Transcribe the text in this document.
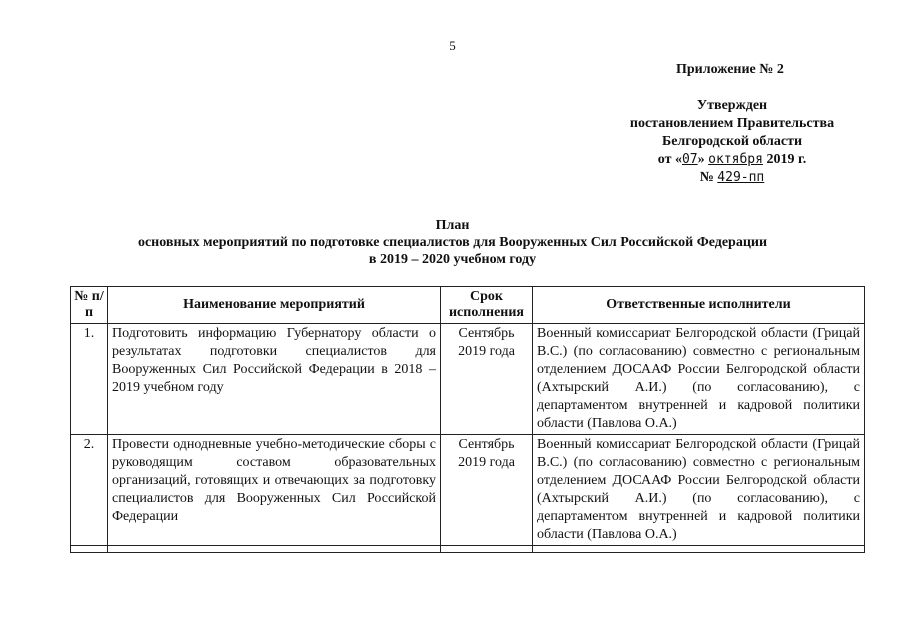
5
Приложение № 2
Утвержден
постановлением Правительства
Белгородской области
от «07» октября 2019 г.
№ 429-пп
План
основных мероприятий по подготовке специалистов для Вооруженных Сил Российской Федерации
в 2019 – 2020 учебном году
№ п/п	Наименование мероприятий	Срок исполнения	Ответственные исполнители
1.	Подготовить информацию Губернатору области о результатах подготовки специалистов для Вооруженных Сил Российской Федерации в 2018 – 2019 учебном году	Сентябрь 2019 года	Военный комиссариат Белгородской области (Грицай В.С.) (по согласованию) совместно с региональным отделением ДОСААФ России Белгородской области (Ахтырский А.И.) (по согласованию), с департаментом внутренней и кадровой политики области (Павлова О.А.)
2.	Провести однодневные учебно-методические сборы с руководящим составом образовательных организаций, готовящих и отвечающих за подготовку специалистов для Вооруженных Сил Российской Федерации	Сентябрь 2019 года	Военный комиссариат Белгородской области (Грицай В.С.) (по согласованию) совместно с региональным отделением ДОСААФ России Белгородской области (Ахтырский А.И.) (по согласованию), с департаментом внутренней и кадровой политики области (Павлова О.А.)
